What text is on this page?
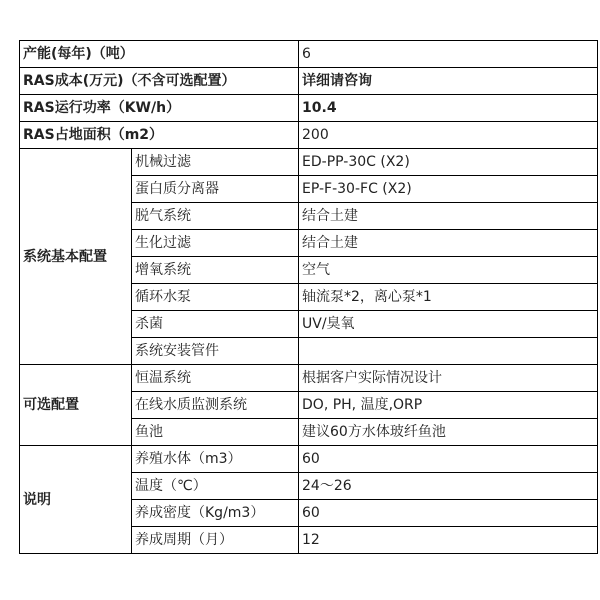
产能(每年)（吨）		6
RAS成本(万元)（不含可选配置）		详细请咨询
RAS运行功率（KW/h）		10.4
RAS占地面积（m2）		200
系统基本配置	机械过滤	ED-PP-30C (X2)
	蛋白质分离器	EP-F-30-FC (X2)
	脱气系统	结合土建
	生化过滤	结合土建
	增氧系统	空气
	循环水泵	轴流泵*2，离心泵*1
	杀菌	UV/臭氧
	系统安装管件	
可选配置	恒温系统	根据客户实际情况设计
	在线水质监测系统	DO, PH, 温度,ORP
	鱼池	建议60方水体玻纤鱼池
说明	养殖水体（m3）	60
	温度（℃）	24～26
	养成密度（Kg/m3）	60
	养成周期（月）	12
